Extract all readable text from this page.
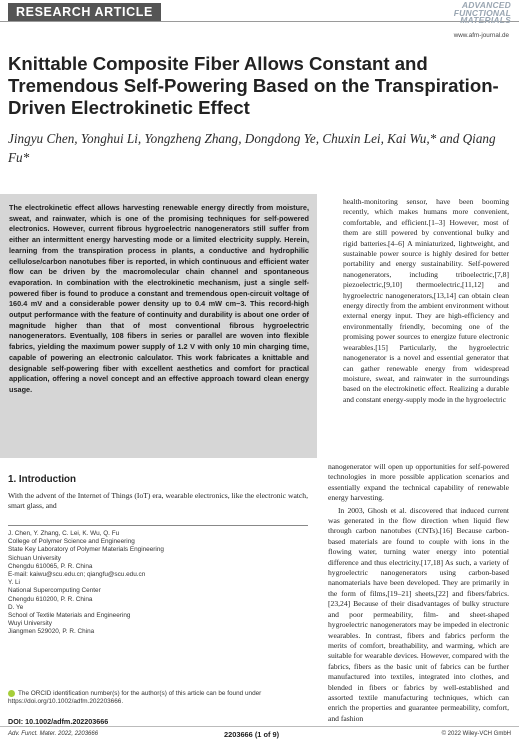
RESEARCH ARTICLE	ADVANCED
FUNCTIONAL
MATERIALS
www.afm-journal.de
Knittable Composite Fiber Allows Constant and Tremendous Self-Powering Based on the Transpiration-Driven Electrokinetic Effect
Jingyu Chen, Yonghui Li, Yongzheng Zhang, Dongdong Ye, Chuxin Lei, Kai Wu,* and Qiang Fu*
The electrokinetic effect allows harvesting renewable energy directly from moisture, sweat, and rainwater, which is one of the promising techniques for self-powered electronics. However, current fibrous hygroelectric nanogenerators still suffer from either an intermittent energy harvesting mode or a limited electricity supply. Herein, learning from the transpiration process in plants, a conductive and hydrophilic cellulose/carbon nanotubes fiber is reported, in which continuous and efficient water flow can be driven by the macromolecular chain channel and spontaneous evaporation. In combination with the electrokinetic mechanism, just a single self-powered fiber is found to produce a constant and tremendous open-circuit voltage of 160.4 mV and a considerable power density up to 0.4 mW cm−3. This record-high output performance with the feature of continuity and durability is about one order of magnitude higher than that of most conventional fibrous hygroelectric nanogenerators. Eventually, 108 fibers in series or parallel are woven into flexible fabrics, yielding the maximum power supply of 1.2 V with only 10 min charging time, capable of powering an electronic calculator. This work fabricates a knittable and designable self-powering fiber with excellent aesthetics and comfort for practical application, offering a novel concept and an effective approach toward clean energy usage.
health-monitoring sensor, have been booming recently, which makes humans more convenient, comfortable, and efficient.[1–3] However, most of them are still powered by conventional bulky and rigid batteries.[4–6] A miniaturized, lightweight, and sustainable power source is highly desired for better portability and energy sustainability. Self-powered nanogenerators, including triboelectric,[7,8] piezoelectric,[9,10] thermoelectric,[11,12] and hygroelectric nanogenerators,[13,14] can obtain clean energy directly from the ambient environment without external energy input. They are high-efficiency and environmentally friendly, becoming one of the promising power sources to energize future electronic wearables.[15] Particularly, the hygroelectric nanogenerator is a novel and essential generator that can gather renewable energy from widespread moisture, sweat, and rainwater in the surroundings based on the electrokinetic effect. Realizing a durable and constant energy-supply mode in the hygroelectric
1. Introduction
With the advent of the Internet of Things (IoT) era, wearable electronics, like the electronic watch, smart glass, and
nanogenerator will open up opportunities for self-powered technologies in more possible application scenarios and essentially expand the technical capability of renewable energy harvesting.
In 2003, Ghosh et al. discovered that induced current was generated in the flow direction when liquid flew through carbon nanotubes (CNTs).[16] Because carbon-based materials are found to couple with ions in the flowing water, turning water energy into potential difference and thus electricity.[17,18] As such, a variety of hygroelectric nanogenerators using carbon-based nanomaterials have been developed. They are primarily in the form of films,[19–21] sheets,[22] and fibers/fabrics.[23,24] Because of their disadvantages of bulky structure and poor permeability, film- and sheet-shaped hygroelectric nanogenerators may be impeded in electronic wearables. In contrast, fibers and fabrics perform the merits of comfort, breathability, and warming, which are suitable for wearable devices. However, compared with the fabrics, fibers as the basic unit of fabrics can be further manufactured into textiles, integrated into clothes, and blended in fibers or fabrics by well-established and assorted textile manufacturing techniques, which can enrich the properties and guarantee permeability, comfort, and fashion
J. Chen, Y. Zhang, C. Lei, K. Wu, Q. Fu
College of Polymer Science and Engineering
State Key Laboratory of Polymer Materials Engineering
Sichuan University
Chengdu 610065, P. R. China
E-mail: kaiwu@scu.edu.cn; qiangfu@scu.edu.cn
Y. Li
National Supercomputing Center
Chengdu 610200, P. R. China
D. Ye
School of Textile Materials and Engineering
Wuyi University
Jiangmen 529020, P. R. China
The ORCID identification number(s) for the author(s) of this article can be found under https://doi.org/10.1002/adfm.202203666.
DOI: 10.1002/adfm.202203666
Adv. Funct. Mater. 2022, 2203666	2203666 (1 of 9)	© 2022 Wiley-VCH GmbH
